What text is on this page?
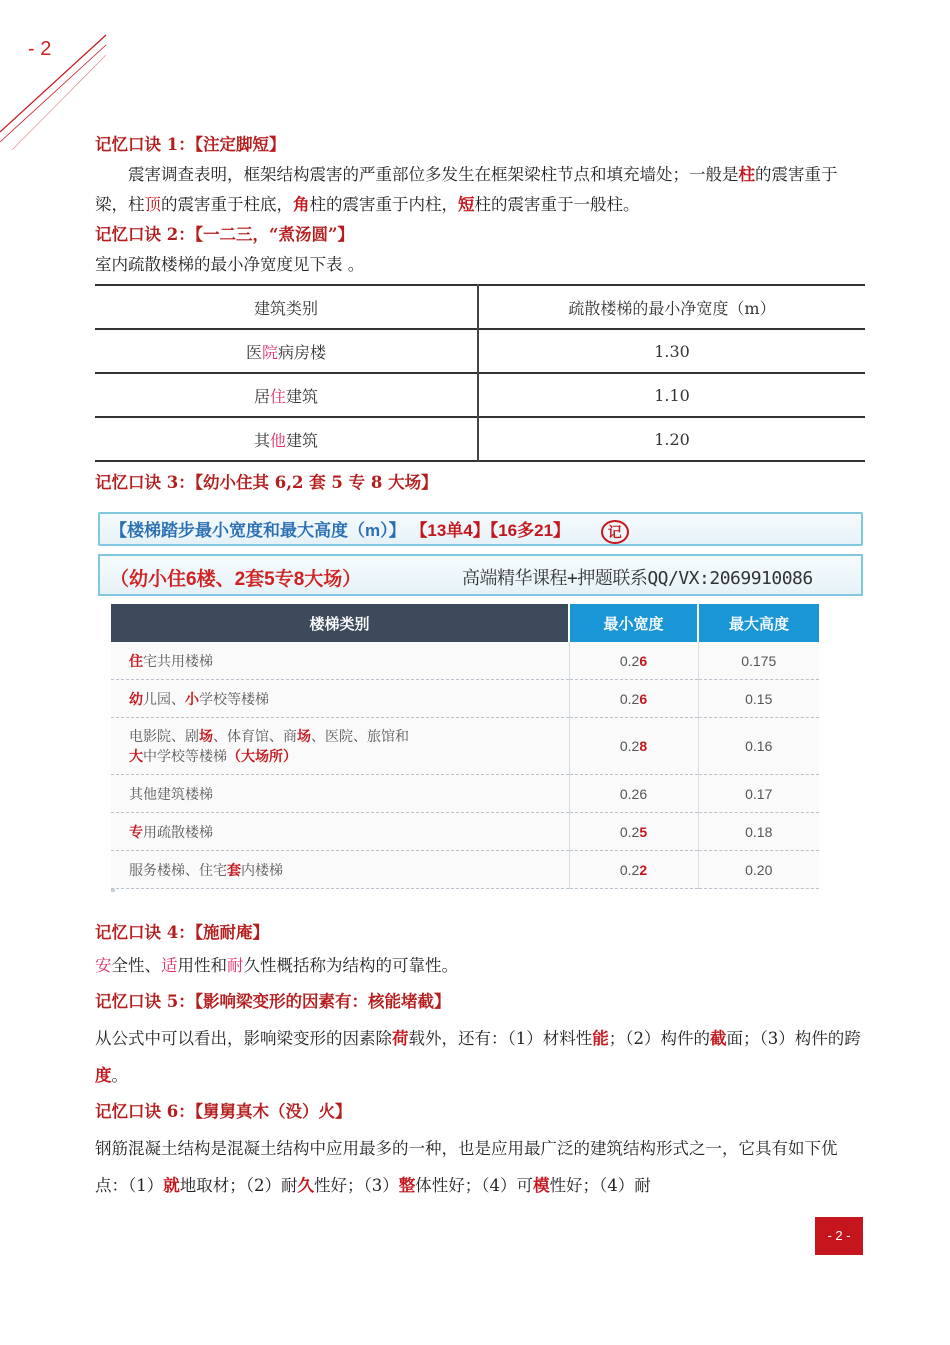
- 2
记忆口诀 1：【注定脚短】
震害调查表明，框架结构震害的严重部位多发生在框架梁柱节点和填充墙处；一般是柱的震害重于梁，柱顶的震害重于柱底，角柱的震害重于内柱，短柱的震害重于一般柱。
记忆口诀 2：【一二三，“煮汤圆”】
室内疏散楼梯的最小净宽度见下表 。
建筑类别	疏散楼梯的最小净宽度（m）
医院病房楼	1.30
居住建筑	1.10
其他建筑	1.20
记忆口诀 3：【幼小住其 6,2 套 5 专 8 大场】
【楼梯踏步最小宽度和最大高度（m）】 【13单4】【16多21】	记
（幼小住6楼、2套5专8大场）	高端精华课程+押题联系QQ/VX:2069910086
楼梯类别	最小宽度	最大高度
住宅共用楼梯	0.26	0.175
幼儿园、小学校等楼梯	0.26	0.15
电影院、剧场、体育馆、商场、医院、旅馆和
大中学校等楼梯（大场所）	0.28	0.16
其他建筑楼梯	0.26	0.17
专用疏散楼梯	0.25	0.18
服务楼梯、住宅套内楼梯	0.22	0.20
记忆口诀 4：【施耐庵】
安全性、适用性和耐久性概括称为结构的可靠性。
记忆口诀 5：【影响梁变形的因素有：核能堵截】
从公式中可以看出，影响梁变形的因素除荷载外，还有：（1）材料性能；（2）构件的截面；（3）构件的跨度。
记忆口诀 6：【舅舅真木（没）火】
钢筋混凝土结构是混凝土结构中应用最多的一种，也是应用最广泛的建筑结构形式之一，它具有如下优点：（1）就地取材；（2）耐久性好；（3）整体性好；（4）可模性好；（4）耐
- 2 -
